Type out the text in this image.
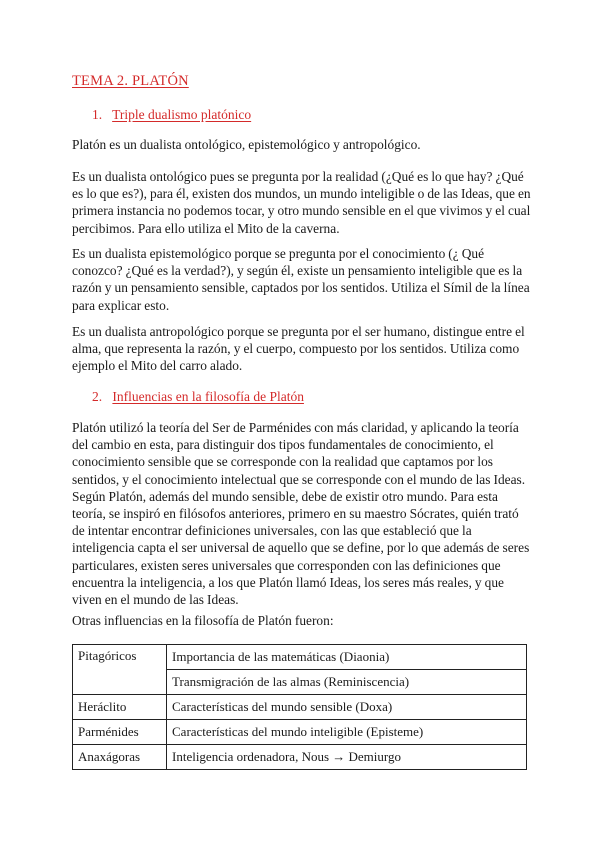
TEMA 2. PLATÓN
1. Triple dualismo platónico

Platón es un dualista ontológico, epistemológico y antropológico.

Es un dualista ontológico pues se pregunta por la realidad (¿Qué es lo que hay? ¿Qué es lo que es?), para él, existen dos mundos, un mundo inteligible o de las Ideas, que en primera instancia no podemos tocar, y otro mundo sensible en el que vivimos y el cual percibimos. Para ello utiliza el Mito de la caverna.

Es un dualista epistemológico porque se pregunta por el conocimiento (¿ Qué conozco? ¿Qué es la verdad?), y según él, existe un pensamiento inteligible que es la razón y un pensamiento sensible, captados por los sentidos. Utiliza el Símil de la línea para explicar esto.

Es un dualista antropológico porque se pregunta por el ser humano, distingue entre el alma, que representa la razón, y el cuerpo, compuesto por los sentidos. Utiliza como ejemplo el Mito del carro alado.

2. Influencias en la filosofía de Platón

Platón utilizó la teoría del Ser de Parménides con más claridad, y aplicando la teoría del cambio en esta, para distinguir dos tipos fundamentales de conocimiento, el conocimiento sensible que se corresponde con la realidad que captamos por los sentidos, y el conocimiento intelectual que se corresponde con el mundo de las Ideas. Según Platón, además del mundo sensible, debe de existir otro mundo. Para esta teoría, se inspiró en filósofos anteriores, primero en su maestro Sócrates, quién trató de intentar encontrar definiciones universales, con las que estableció que la inteligencia capta el ser universal de aquello que se define, por lo que además de seres particulares, existen seres universales que corresponden con las definiciones que encuentra la inteligencia, a los que Platón llamó Ideas, los seres más reales, y que viven en el mundo de las Ideas.

Otras influencias en la filosofía de Platón fueron:

Pitagóricos	Importancia de las matemáticas (Diaonia)
	Transmigración de las almas (Reminiscencia)
Heráclito	Características del mundo sensible (Doxa)
Parménides	Características del mundo inteligible (Episteme)
Anaxágoras	Inteligencia ordenadora, Nous → Demiurgo
